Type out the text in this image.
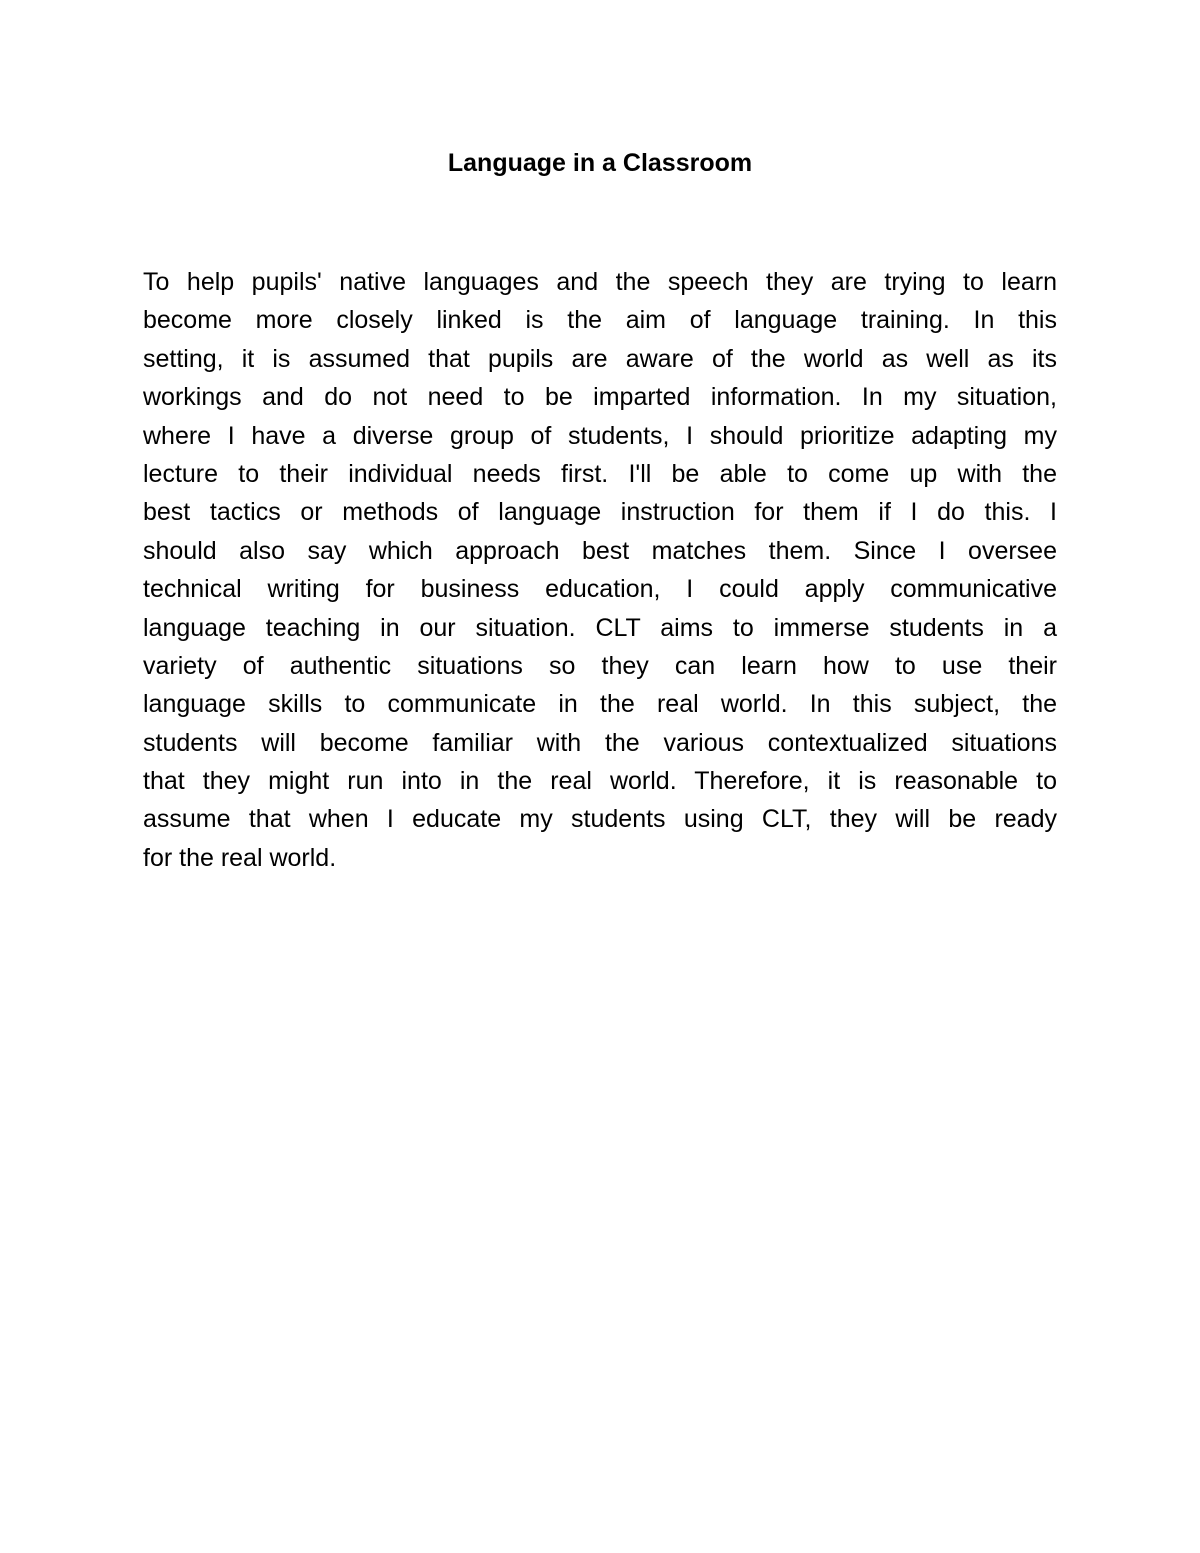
Language in a Classroom
To help pupils' native languages and the speech they are trying to learn
become more closely linked is the aim of language training. In this
setting, it is assumed that pupils are aware of the world as well as its
workings and do not need to be imparted information. In my situation,
where I have a diverse group of students, I should prioritize adapting my
lecture to their individual needs first. I'll be able to come up with the
best tactics or methods of language instruction for them if I do this. I
should also say which approach best matches them. Since I oversee
technical writing for business education, I could apply communicative
language teaching in our situation. CLT aims to immerse students in a
variety of authentic situations so they can learn how to use their
language skills to communicate in the real world. In this subject, the
students will become familiar with the various contextualized situations
that they might run into in the real world. Therefore, it is reasonable to
assume that when I educate my students using CLT, they will be ready
for the real world.
